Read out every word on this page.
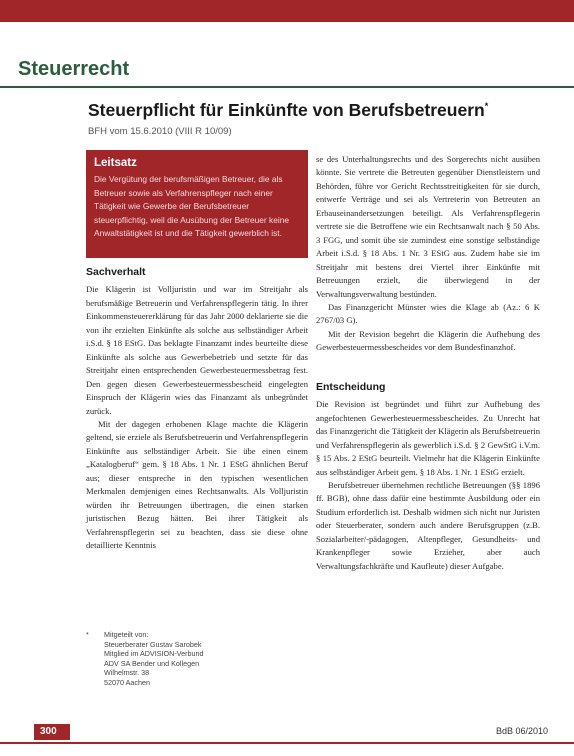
Steuerrecht
Steuerpflicht für Einkünfte von Berufsbetreuern*
BFH vom 15.6.2010 (VIII R 10/09)
Leitsatz

Die Vergütung der berufsmäßigen Betreuer, die als Betreuer sowie als Verfahrenspfleger nach einer Tätigkeit wie Gewerbe der Berufsbetreuer steuerpflichtig, weil die Ausübung der Betreuer keine Anwaltstätigkeit ist und die Tätigkeit gewerblich ist.

Sachverhalt

Die Klägerin ist Volljuristin und war im Streitjahr als berufsmäßige Betreuerin und Verfahrenspflegerin tätig. In ihrer Einkommensteuererklärung für das Jahr 2000 deklarierte sie die von ihr erzielten Einkünfte als solche aus selbständiger Arbeit i.S.d. § 18 EStG. Das beklagte Finanzamt indes beurteilte diese Einkünfte als solche aus Gewerbebetrieb und setzte für das Streitjahr einen entsprechenden Gewerbesteuermessbetrag fest. Den gegen diesen Gewerbesteuermessbescheid eingelegten Einspruch der Klägerin wies das Finanzamt als unbegründet zurück.

Mit der dagegen erhobenen Klage machte die Klägerin geltend, sie erziele als Berufsbetreuerin und Verfahrenspflegerin Einkünfte aus selbständiger Arbeit. Sie übe einen einem „Katalogberuf“ gem. § 18 Abs. 1 Nr. 1 EStG ähnlichen Beruf aus; dieser entspreche in den typischen wesentlichen Merkmalen demjenigen eines Rechtsanwalts. Als Volljuristin würden ihr Betreuungen übertragen, die einen starken juristischen Bezug hätten. Bei ihrer Tätigkeit als Verfahrenspflegerin sei zu beachten, dass sie diese ohne detaillierte Kenntnis

se des Unterhaltungsrechts und des Sorgerechts nicht ausüben könnte. Sie vertrete die Betreuten gegenüber Dienstleistern und Behörden, führe vor Gericht Rechtsstreitigkeiten für sie durch, entwerfe Verträge und sei als Vertreterin von Betreuten an Erbauseinandersetzungen beteiligt. Als Verfahrenspflegerin vertrete sie die Betroffene wie ein Rechtsanwalt nach § 50 Abs. 3 FGG, und somit übe sie zumindest eine sonstige selbständige Arbeit i.S.d. § 18 Abs. 1 Nr. 3 EStG aus. Zudem habe sie im Streitjahr mit bestens drei Viertel ihrer Einkünfte mit Betreuungen erzielt, die überwiegend in der Verwaltungsverwaltung bestünden.

Das Finanzgericht Münster wies die Klage ab (Az.: 6 K 2767/03 G).

Mit der Revision begehrt die Klägerin die Aufhebung des Gewerbesteuermessbescheides vor dem Bundesfinanzhof.

Entscheidung

Die Revision ist begründet und führt zur Aufhebung des angefochtenen Gewerbesteuermessbescheides. Zu Unrecht hat das Finanzgericht die Tätigkeit der Klägerin als Berufsbetreuerin und Verfahrenspflegerin als gewerblich i.S.d. § 2 GewStG i.V.m. § 15 Abs. 2 EStG beurteilt. Vielmehr hat die Klägerin Einkünfte aus selbständiger Arbeit gem. § 18 Abs. 1 Nr. 1 EStG erzielt.

Berufsbetreuer übernehmen rechtliche Betreuungen (§§ 1896 ff. BGB), ohne dass dafür eine bestimmte Ausbildung oder ein Studium erforderlich ist. Deshalb widmen sich nicht nur Juristen oder Steuerberater, sondern auch andere Berufsgruppen (z.B. Sozialarbeiter/-pädagogen, Altenpfleger, Gesundheits- und Krankenpfleger sowie Erzieher, aber auch Verwaltungsfachkräfte und Kaufleute) dieser Aufgabe.

* Mitgeteilt von:
Steuerberater Gustav Sarobek
Mitglied im ADVISION-Verbund
ADV SA Bender und Kollegen
Wilhelmstr. 38
52070 Aachen
300	BdB 06/2010
